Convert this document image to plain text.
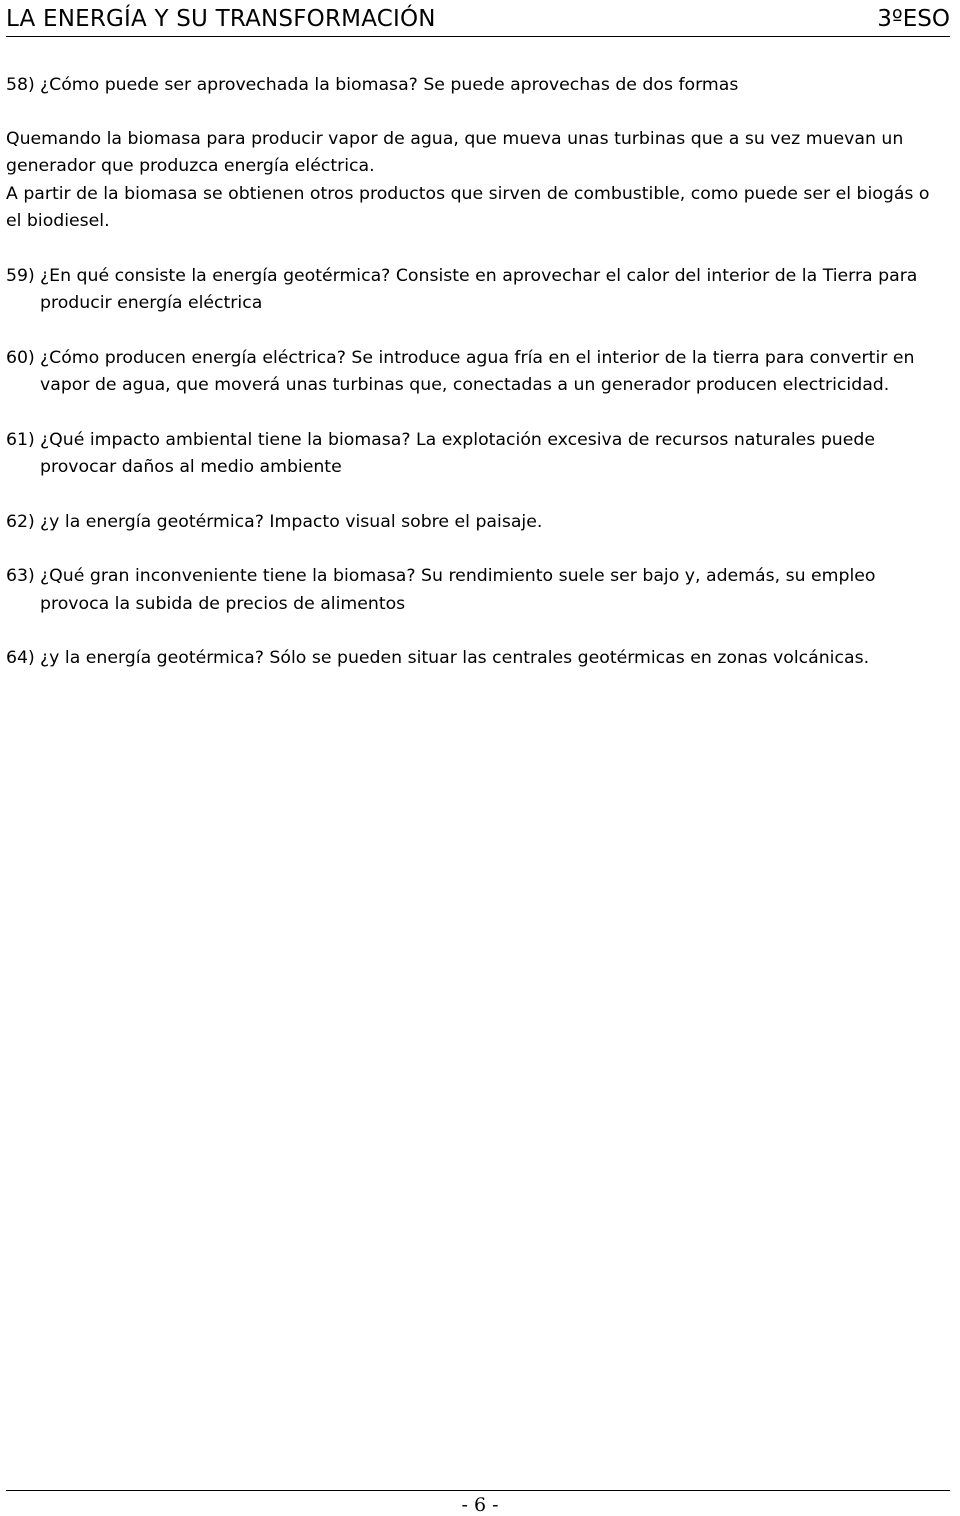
LA ENERGÍA Y SU TRANSFORMACIÓN	3ºESO
58) ¿Cómo puede ser aprovechada la biomasa? Se puede aprovechas de dos formas

Quemando la biomasa para producir vapor de agua, que mueva unas turbinas que a su vez muevan un generador que produzca energía eléctrica.

A partir de la biomasa se obtienen otros productos que sirven de combustible, como puede ser el biogás o el biodiesel.

59) ¿En qué consiste la energía geotérmica? Consiste en aprovechar el calor del interior de la Tierra para producir energía eléctrica
60) ¿Cómo producen energía eléctrica? Se introduce agua fría en el interior de la tierra para convertir en vapor de agua, que moverá unas turbinas que, conectadas a un generador producen electricidad.
61) ¿Qué impacto ambiental tiene la biomasa? La explotación excesiva de recursos naturales puede provocar daños al medio ambiente
62) ¿y la energía geotérmica? Impacto visual sobre el paisaje.
63) ¿Qué gran inconveniente tiene la biomasa? Su rendimiento suele ser bajo y, además, su empleo provoca la subida de precios de alimentos
64) ¿y la energía geotérmica? Sólo se pueden situar las centrales geotérmicas en zonas volcánicas.
- 6 -
